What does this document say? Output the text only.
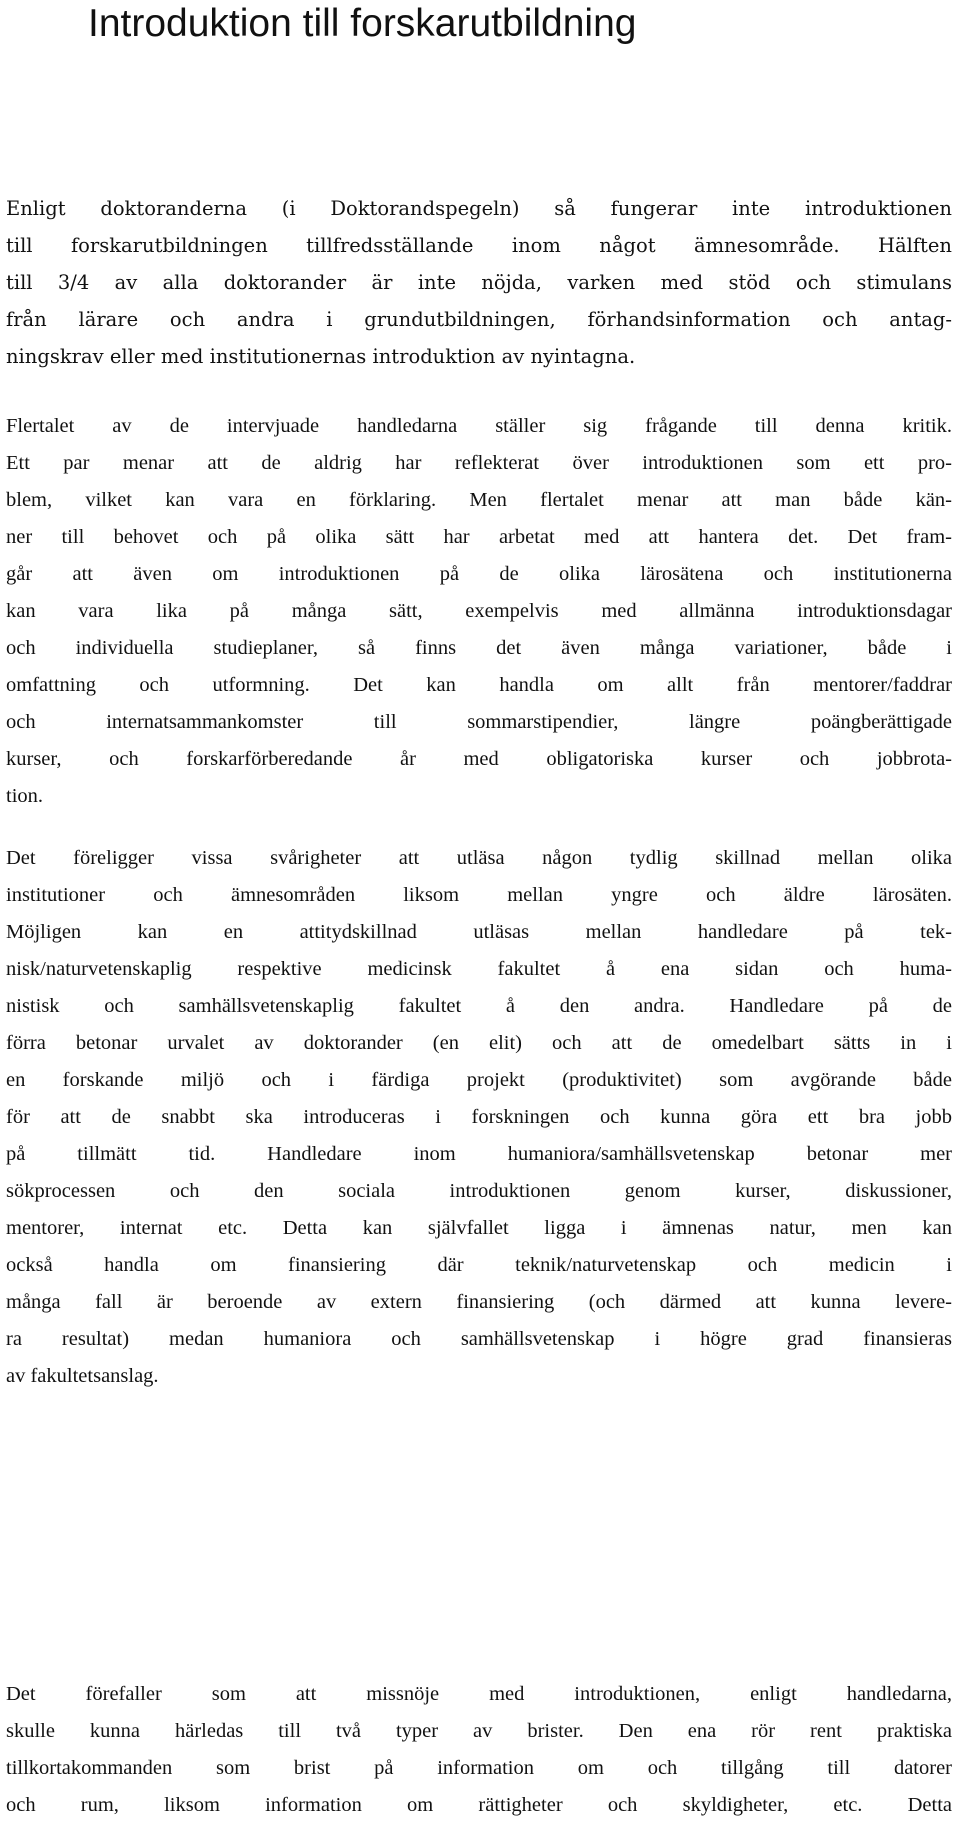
Introduktion till forskarutbildning
Enligt doktoranderna (i Doktorandspegeln) så fungerar inte introduktionen
till forskarutbildningen tillfredsställande inom något ämnesområde. Hälften
till 3/4 av alla doktorander är inte nöjda, varken med stöd och stimulans
från lärare och andra i grundutbildningen, förhandsinformation och antag-
ningskrav eller med institutionernas introduktion av nyintagna.
Flertalet av de intervjuade handledarna ställer sig frågande till denna kritik.
Ett par menar att de aldrig har reflekterat över introduktionen som ett pro-
blem, vilket kan vara en förklaring. Men flertalet menar att man både kän-
ner till behovet och på olika sätt har arbetat med att hantera det. Det fram-
går att även om introduktionen på de olika lärosätena och institutionerna
kan vara lika på många sätt, exempelvis med allmänna introduktionsdagar
och individuella studieplaner, så finns det även många variationer, både i
omfattning och utformning. Det kan handla om allt från mentorer/faddrar
och internatsammankomster till sommarstipendier, längre poängberättigade
kurser, och forskarförberedande år med obligatoriska kurser och jobbrota-
tion.
Det föreligger vissa svårigheter att utläsa någon tydlig skillnad mellan olika
institutioner och ämnesområden liksom mellan yngre och äldre lärosäten.
Möjligen kan en attitydskillnad utläsas mellan handledare på tek-
nisk/naturvetenskaplig respektive medicinsk fakultet å ena sidan och huma-
nistisk och samhällsvetenskaplig fakultet å den andra. Handledare på de
förra betonar urvalet av doktorander (en elit) och att de omedelbart sätts in i
en forskande miljö och i färdiga projekt (produktivitet) som avgörande både
för att de snabbt ska introduceras i forskningen och kunna göra ett bra jobb
på tillmätt tid. Handledare inom humaniora/samhällsvetenskap betonar mer
sökprocessen och den sociala introduktionen genom kurser, diskussioner,
mentorer, internat etc. Detta kan självfallet ligga i ämnenas natur, men kan
också handla om finansiering där teknik/naturvetenskap och medicin i
många fall är beroende av extern finansiering (och därmed att kunna levere-
ra resultat) medan humaniora och samhällsvetenskap i högre grad finansieras
av fakultetsanslag.
Det förefaller som att missnöje med introduktionen, enligt handledarna,
skulle kunna härledas till två typer av brister. Den ena rör rent praktiska
tillkortakommanden som brist på information om och tillgång till datorer
och rum, liksom information om rättigheter och skyldigheter, etc. Detta
